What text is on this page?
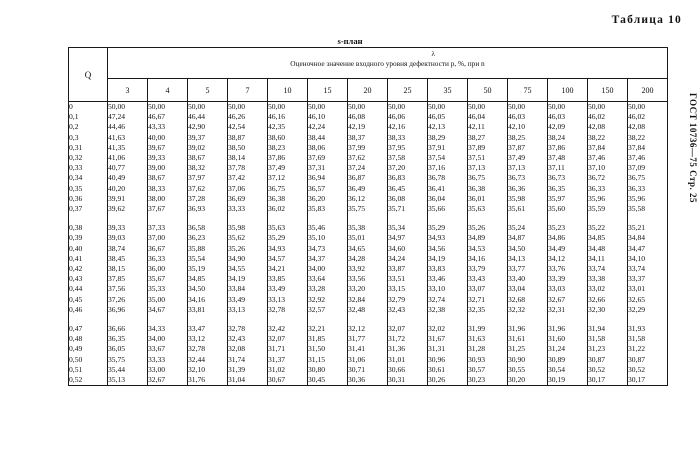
Таблица 10
s-план
Q	λ
Оценочное значение входного уровня дефектности p, %, при n													
	3	4	5	7	10	15	20	25	35	50	75	100	150	200
0	50,00	50,00	50,00	50,00	50,00	50,00	50,00	50,00	50,00	50,00	50,00	50,00	50,00	50,00
0,1	47,24	46,67	46,44	46,26	46,16	46,10	46,08	46,06	46,05	46,04	46,03	46,03	46,02	46,02
0,2	44,46	43,33	42,90	42,54	42,35	42,24	42,19	42,16	42,13	42,11	42,10	42,09	42,08	42,08
0,3	41,63	40,00	39,37	38,87	38,60	38,44	38,37	38,33	38,29	38,27	38,25	38,24	38,22	38,22
0,31	41,35	39,67	39,02	38,50	38,23	38,06	37,99	37,95	37,91	37,89	37,87	37,86	37,84	37,84
0,32	41,06	39,33	38,67	38,14	37,86	37,69	37,62	37,58	37,54	37,51	37,49	37,48	37,46	37,46
0,33	40,77	39,00	38,32	37,78	37,49	37,31	37,24	37,20	37,16	37,13	37,13	37,11	37,10	37,09
0,34	40,49	38,67	37,97	37,42	37,12	36,94	36,87	36,83	36,78	36,75	36,73	36,73	36,72	36,75
0,35	40,20	38,33	37,62	37,06	36,75	36,57	36,49	36,45	36,41	36,38	36,36	36,35	36,33	36,33
0,36	39,91	38,00	37,28	36,69	36,38	36,20	36,12	36,08	36,04	36,01	35,98	35,97	35,96	35,96
0,37	39,62	37,67	36,93	33,33	36,02	35,83	35,75	35,71	35,66	35,63	35,61	35,60	35,59	35,58

0,38	39,33	37,33	36,58	35,98	35,63	35,46	35,38	35,34	35,29	35,26	35,24	35,23	35,22	35,21
0,39	39,03	37,00	36,23	35,62	35,29	35,10	35,01	34,97	34,93	34,89	34,87	34,86	34,85	34,84
0,40	38,74	36,67	35,88	35,26	34,93	34,73	34,65	34,60	34,56	34,53	34,50	34,49	34,48	34,47
0,41	38,45	36,33	35,54	34,90	34,57	34,37	34,28	34,24	34,19	34,16	34,13	34,12	34,11	34,10
0,42	38,15	36,00	35,19	34,55	34,21	34,00	33,92	33,87	33,83	33,79	33,77	33,76	33,74	33,74
0,43	37,85	35,67	34,85	34,19	33,85	33,64	33,56	33,51	33,46	33,43	33,40	33,39	33,38	33,37
0,44	37,56	35,33	34,50	33,84	33,49	33,28	33,20	33,15	33,10	33,07	33,04	33,03	33,02	33,01
0,45	37,26	35,00	34,16	33,49	33,13	32,92	32,84	32,79	32,74	32,71	32,68	32,67	32,66	32,65
0,46	36,96	34,67	33,81	33,13	32,78	32,57	32,48	32,43	32,38	32,35	32,32	32,31	32,30	32,29

0,47	36,66	34,33	33,47	32,78	32,42	32,21	32,12	32,07	32,02	31,99	31,96	31,96	31,94	31,93
0,48	36,35	34,00	33,12	32,43	32,07	31,85	31,77	31,72	31,67	31,63	31,61	31,60	31,58	31,58
0,49	36,05	33,67	32,78	32,08	31,71	31,50	31,41	31,36	31,31	31,28	31,25	31,24	31,23	31,22
0,50	35,75	33,33	32,44	31,74	31,37	31,15	31,06	31,01	30,96	30,93	30,90	30,89	30,87	30,87
0,51	35,44	33,00	32,10	31,39	31,02	30,80	30,71	30,66	30,61	30,57	30,55	30,54	30,52	30,52
0,52	35,13	32,67	31,76	31,04	30,67	30,45	30,36	30,31	30,26	30,23	30,20	30,19	30,17	30,17
ГОСТ 10736—75 Стр. 25
